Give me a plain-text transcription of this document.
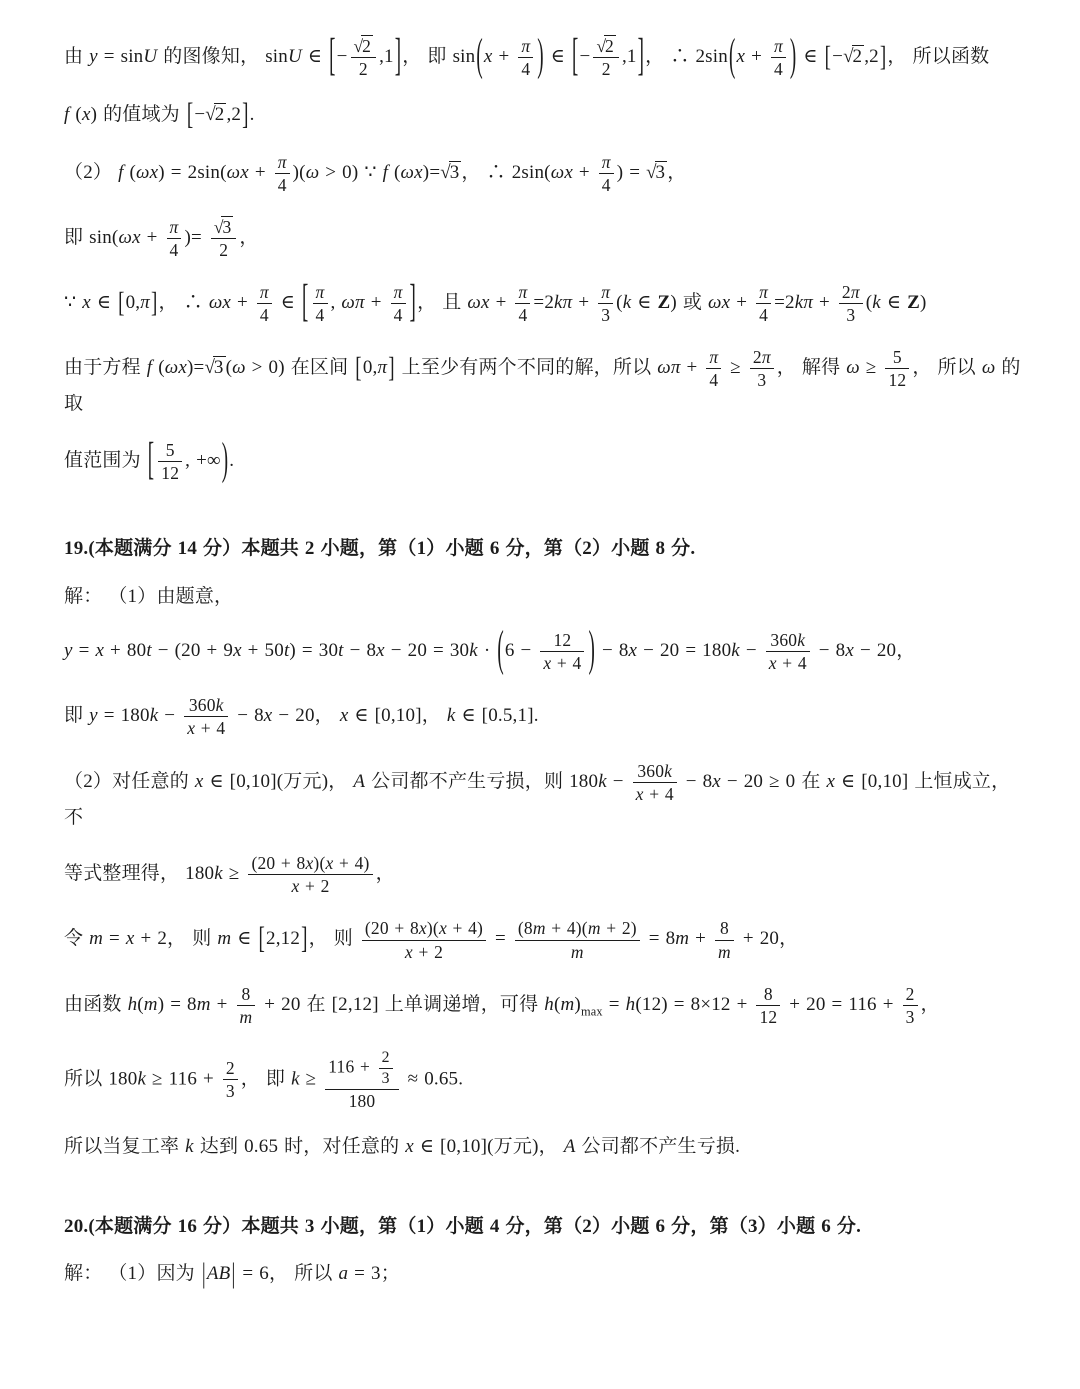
由 y = sinU 的图像知， sinU ∈ [− $\frac{√2}{2} ,1$]， 即 $\sin(x + \frac{\pi}{4}$ ) ∈ [− $\frac{√2}{2} ,1$]， ∴ $2\sin(x + \frac{\pi}{4}$ ) ∈ [−√2 ,2]， 所以函数

f (x) 的值域为 [−√2 ,2].

（2） f $(\omega x) = 2\sin(\omega x + \frac{\pi}{4} )(\omega > 0)$ ∵ f (ωx)=√3 ， ∴ $2\sin(\omega x + \frac{\pi}{4}$ ) = √3 ，

即 $\sin(\omega x + \frac{\pi}{4}$ )= $\frac{√3}{2}$ ，

∵ x ∈ [0,π]， ∴ $\omega x + \frac{\pi}{4}$ ∈ [ $\frac{\pi}{4}$ , $\omega\pi + \frac{\pi}{4}$ ]， 且 $\omega x + \frac{\pi}{4} =2k\pi + \frac{\pi}{3} (k$ ∈ Z) 或 $\omega x + \frac{\pi}{4} =2k\pi + \frac{2\pi}{3} (k$ ∈ Z)

由于方程 f (ωx)=√3 (ω > 0) 在区间 [0,π] 上至少有两个不同的解，所以 $\omega\pi + \frac{\pi}{4} \ge \frac{2\pi}{3}$ ， 解得 $\omega \ge \frac{5}{12}$ ， 所以 ω 的取

值范围为 [ $\frac{5}{12}$ , +∞).

19.(本题满分 14 分）本题共 2 小题，第（1）小题 6 分，第（2）小题 8 分.

解： （1）由题意，

$y = x + 80t - (20 + 9x + 50t) = 30t - 8x - 20 = 30k \cdot (6 - \frac{12}{x + 4}$ ) − $8x - 20 = 180k - \frac{360k}{x + 4} - 8x - 20$，

即 $y = 180k - \frac{360k}{x + 4} - 8x - 20$， x ∈ [0,10]， k ∈ [0.5,1].

（2）对任意的 x ∈ [0,10](万元)， A 公司都不产生亏损，则 $180k - \frac{360k}{x + 4} - 8x - 20 \ge 0$ 在 x ∈ [0,10] 上恒成立，不

等式整理得， $180k \ge \frac{(20 + 8x)(x + 4)}{x + 2}$ ，

令 m = x + 2， 则 m ∈ [2,12]， 则 $\frac{(20 + 8x)(x + 4)}{x + 2} = \frac{(8m + 4)(m + 2)}{m} = 8m + \frac{8}{m} + 20$，

由函数 $h(m) = 8m + \frac{8}{m} + 20$ 在 [2,12] 上单调递增，可得 $h(m)_{max} = h(12) = 8\times 12 + \frac{8}{12} + 20 = 116 + \frac{2}{3}$ ，

所以 $180k \ge 116 + \frac{2}{3}$ ， 即 $k \ge \frac{116 + \frac{2}{3}}{180} \approx 0.65$.

所以当复工率 k 达到 0.65 时，对任意的 x ∈ [0,10](万元)， A 公司都不产生亏损.

20.(本题满分 16 分）本题共 3 小题，第（1）小题 4 分，第（2）小题 6 分，第（3）小题 6 分.

解： （1）因为 |AB| = 6， 所以 a = 3；
